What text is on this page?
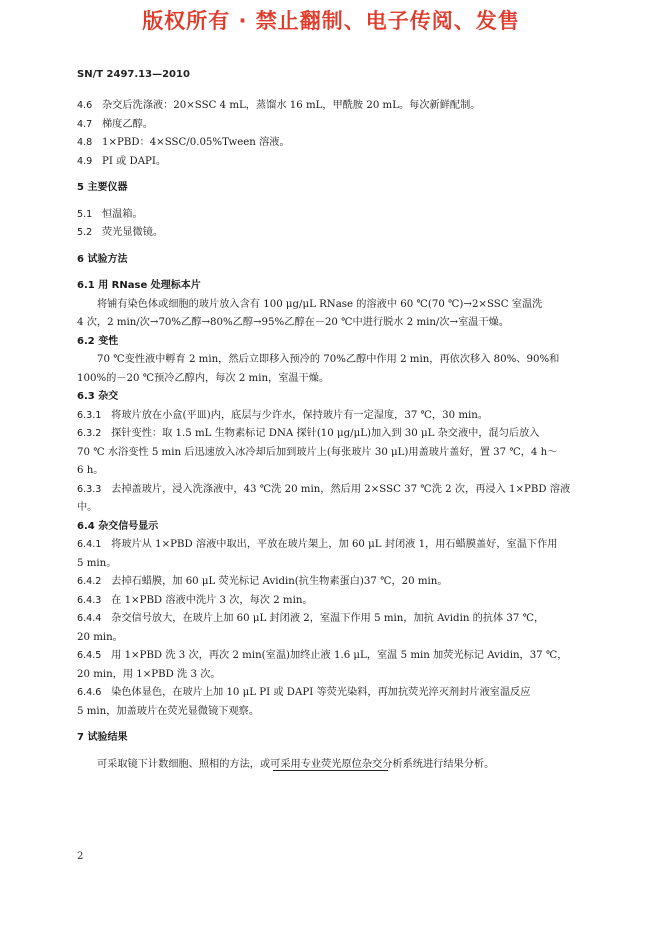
版权所有 · 禁止翻制、电子传阅、发售
SN/T 2497.13—2010
4.6 杂交后洗涤液：20×SSC 4 mL，蒸馏水 16 mL，甲酰胺 20 mL。每次新鲜配制。
4.7 梯度乙醇。
4.8 1×PBD：4×SSC/0.05%Tween 溶液。
4.9 PI 或 DAPI。
5 主要仪器
5.1 恒温箱。
5.2 荧光显微镜。
6 试验方法
6.1 用 RNase 处理标本片
将铺有染色体或细胞的玻片放入含有 100 μg/μL RNase 的溶液中 60 ℃(70 ℃)→2×SSC 室温洗
4 次，2 min/次→70%乙醇→80%乙醇→95%乙醇在－20 ℃中进行脱水 2 min/次→室温干燥。
6.2 变性
70 ℃变性液中孵育 2 min，然后立即移入预冷的 70%乙醇中作用 2 min，再依次移入 80%、90%和
100%的－20 ℃预冷乙醇内，每次 2 min，室温干燥。
6.3 杂交
6.3.1 将玻片放在小盒(平皿)内，底层与少许水，保持玻片有一定湿度，37 ℃，30 min。
6.3.2 探针变性：取 1.5 mL 生物素标记 DNA 探针(10 μg/μL)加入到 30 μL 杂交液中，混匀后放入
70 ℃ 水浴变性 5 min 后迅速放入冰冷却后加到玻片上(每张玻片 30 μL)用盖玻片盖好，置 37 ℃，4 h～
6 h。
6.3.3 去掉盖玻片，浸入洗涤液中，43 ℃洗 20 min，然后用 2×SSC 37 ℃洗 2 次，再浸入 1×PBD 溶液
中。
6.4 杂交信号显示
6.4.1 将玻片从 1×PBD 溶液中取出，平放在玻片架上，加 60 μL 封闭液 1，用石蜡膜盖好，室温下作用
5 min。
6.4.2 去掉石蜡膜，加 60 μL 荧光标记 Avidin(抗生物素蛋白)37 ℃，20 min。
6.4.3 在 1×PBD 溶液中洗片 3 次，每次 2 min。
6.4.4 杂交信号放大，在玻片上加 60 μL 封闭液 2，室温下作用 5 min，加抗 Avidin 的抗体 37 ℃，
20 min。
6.4.5 用 1×PBD 洗 3 次，再次 2 min(室温)加终止液 1.6 μL，室温 5 min 加荧光标记 Avidin，37 ℃，
20 min，用 1×PBD 洗 3 次。
6.4.6 染色体显色，在玻片上加 10 μL PI 或 DAPI 等荧光染料，再加抗荧光淬灭剂封片液室温反应
5 min，加盖玻片在荧光显微镜下观察。
7 试验结果
可采取镜下计数细胞、照相的方法，或可采用专业荧光原位杂交分析系统进行结果分析。
2
